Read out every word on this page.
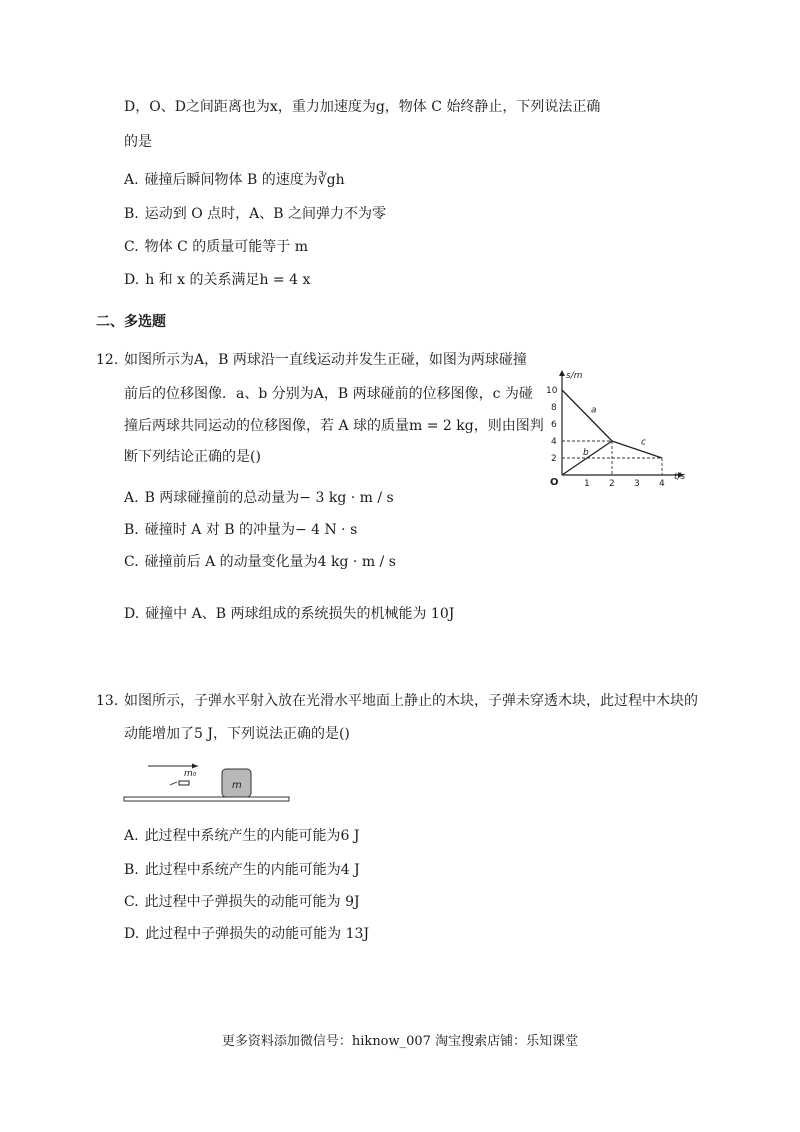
D，O、D之间距离也为x，重力加速度为g，物体 C 始终静止，下列说法正确
的是
A. 碰撞后瞬间物体 B 的速度为∛gh
B. 运动到 O 点时，A、B 之间弹力不为零
C. 物体 C 的质量可能等于 m
D. h 和 x 的关系满足h = 4 x
二、多选题
12. 如图所示为A，B 两球沿一直线运动并发生正碰，如图为两球碰撞
前后的位移图像．a、b 分别为A，B 两球碰前的位移图像，c 为碰
撞后两球共同运动的位移图像，若 A 球的质量m = 2 kg，则由图判
断下列结论正确的是()
s/m
t/s
O	1 2 3 4
2
4
6
8
10
a
b
c
A. B 两球碰撞前的总动量为− 3 kg · m / s
B. 碰撞时 A 对 B 的冲量为− 4 N · s
C. 碰撞前后 A 的动量变化量为4 kg · m / s
D. 碰撞中 A、B 两球组成的系统损失的机械能为 10J
13. 如图所示，子弹水平射入放在光滑水平地面上静止的木块，子弹未穿透木块，此过程中木块的
动能增加了5 J，下列说法正确的是()
m₀
m
A. 此过程中系统产生的内能可能为6 J
B. 此过程中系统产生的内能可能为4 J
C. 此过程中子弹损失的动能可能为 9J
D. 此过程中子弹损失的动能可能为 13J
更多资料添加微信号：hiknow_007 淘宝搜索店铺：乐知课堂
